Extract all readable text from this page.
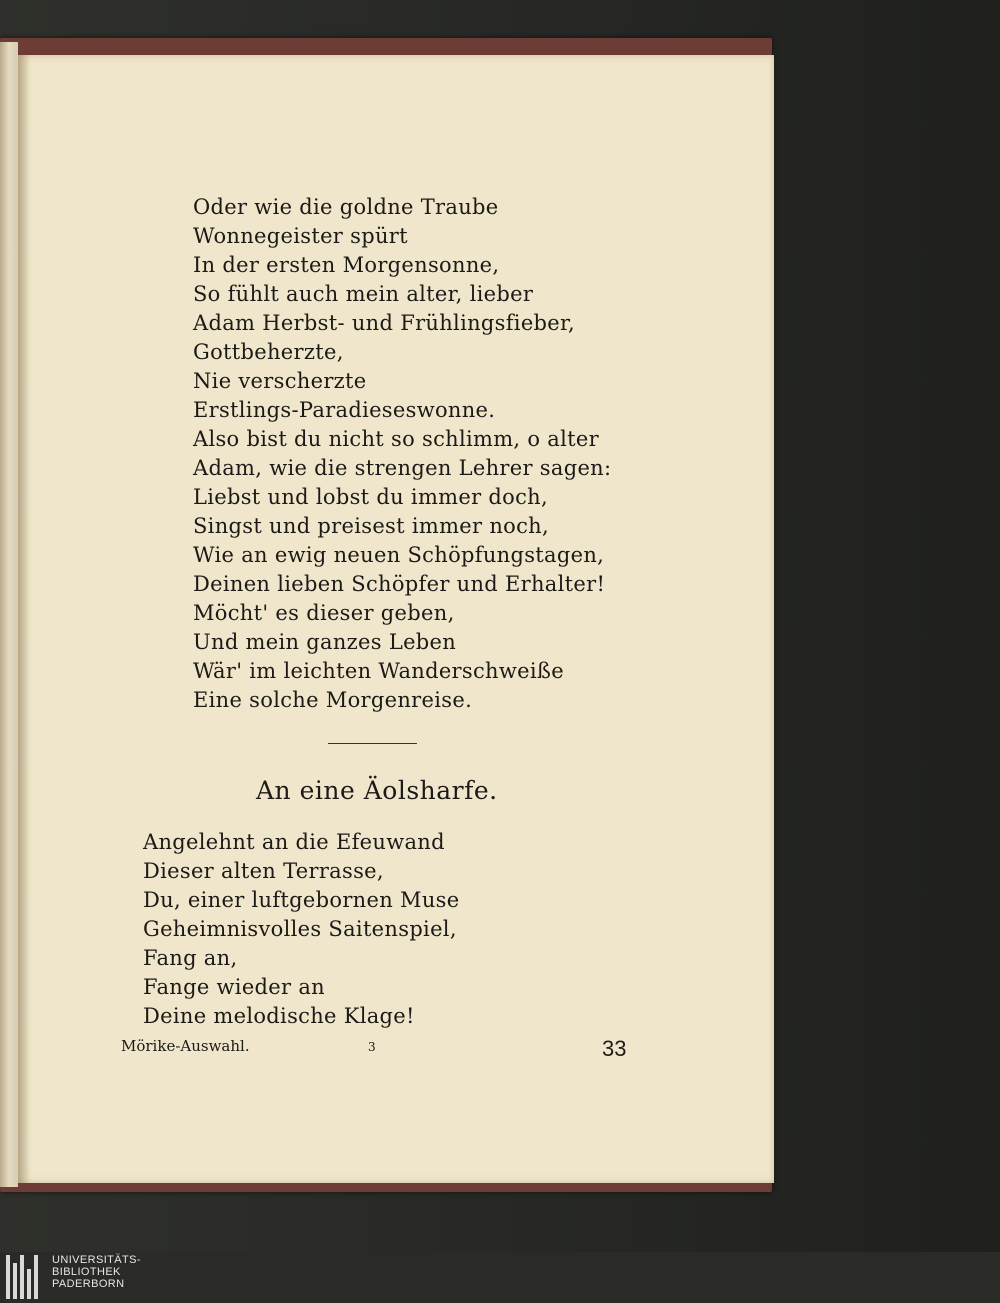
Oder wie die goldne Traube
Wonnegeister spürt
In der ersten Morgensonne,
So fühlt auch mein alter, lieber
Adam Herbst- und Frühlingsfieber,
Gottbeherzte,
Nie verscherzte
Erstlings-Paradieseswonne.
Also bist du nicht so schlimm, o alter
Adam, wie die strengen Lehrer sagen:
Liebst und lobst du immer doch,
Singst und preisest immer noch,
Wie an ewig neuen Schöpfungstagen,
Deinen lieben Schöpfer und Erhalter!
Möcht' es dieser geben,
Und mein ganzes Leben
Wär' im leichten Wanderschweiße
Eine solche Morgenreise.
An eine Äolsharfe.
Angelehnt an die Efeuwand
Dieser alten Terrasse,
Du, einer luftgebornen Muse
Geheimnisvolles Saitenspiel,
Fang an,
Fange wieder an
Deine melodische Klage!
Mörike-Auswahl.	3	33
UNIVERSITÄTS-
BIBLIOTHEK
PADERBORN
